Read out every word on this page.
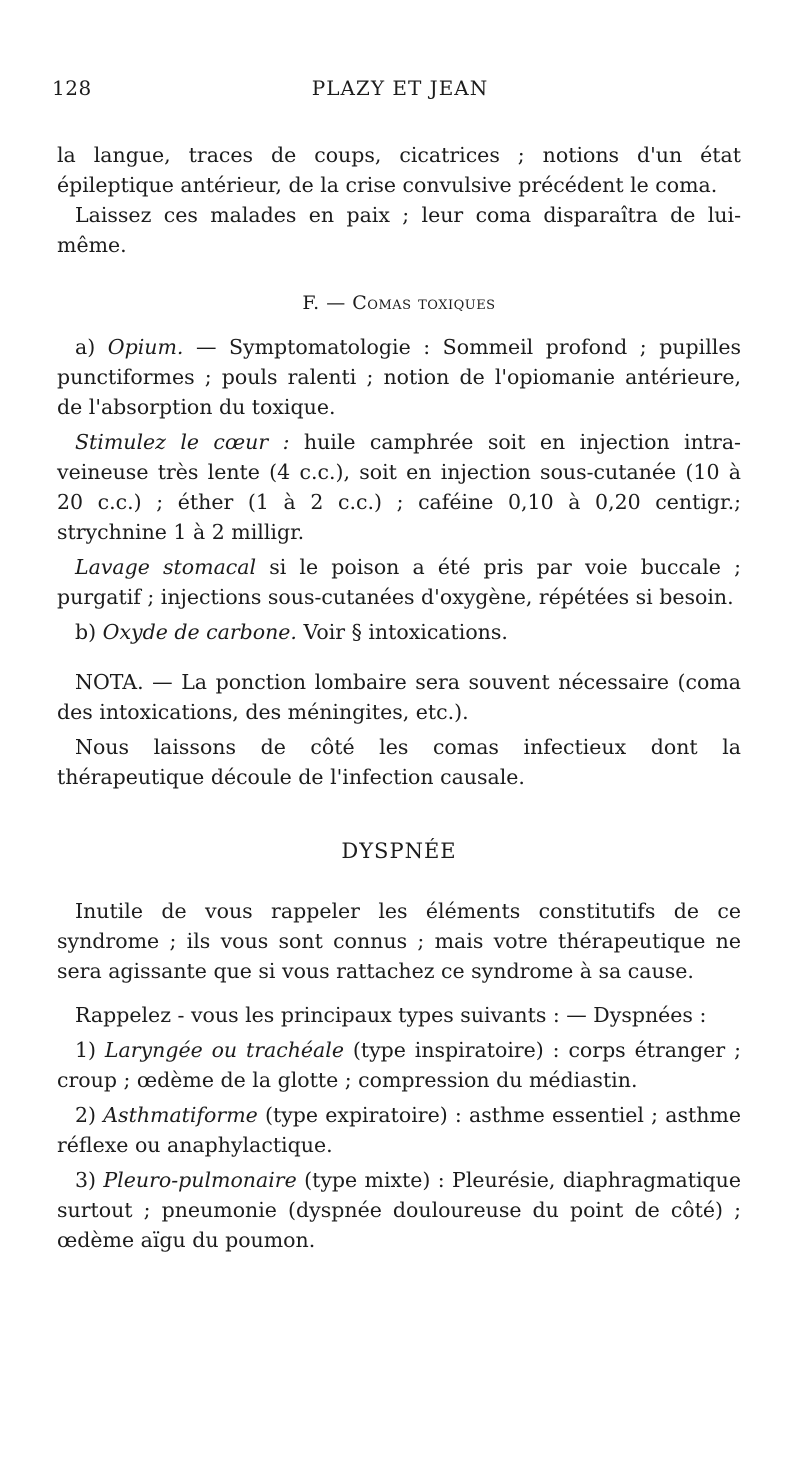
128	PLAZY ET JEAN

la langue, traces de coups, cicatrices ; notions d'un état épileptique antérieur, de la crise convulsive précédent le coma.

Laissez ces malades en paix ; leur coma disparaîtra de lui-même.

F. — Comas toxiques

a) Opium. — Symptomatologie : Sommeil profond ; pupilles punctiformes ; pouls ralenti ; notion de l'opiomanie antérieure, de l'absorption du toxique.

Stimulez le cœur : huile camphrée soit en injection intra-veineuse très lente (4 c.c.), soit en injection sous-cutanée (10 à 20 c.c.) ; éther (1 à 2 c.c.) ; caféine 0,10 à 0,20 centigr.; strychnine 1 à 2 milligr.

Lavage stomacal si le poison a été pris par voie buccale ; purgatif ; injections sous-cutanées d'oxygène, répétées si besoin.

b) Oxyde de carbone. Voir § intoxications.

NOTA. — La ponction lombaire sera souvent nécessaire (coma des intoxications, des méningites, etc.).

Nous laissons de côté les comas infectieux dont la thérapeutique découle de l'infection causale.

DYSPNÉE

Inutile de vous rappeler les éléments constitutifs de ce syndrome ; ils vous sont connus ; mais votre thérapeutique ne sera agissante que si vous rattachez ce syndrome à sa cause.

Rappelez - vous les principaux types suivants : — Dyspnées :

1) Laryngée ou trachéale (type inspiratoire) : corps étranger ; croup ; œdème de la glotte ; compression du médiastin.

2) Asthmatiforme (type expiratoire) : asthme essentiel ; asthme réflexe ou anaphylactique.

3) Pleuro-pulmonaire (type mixte) : Pleurésie, diaphragmatique surtout ; pneumonie (dyspnée douloureuse du point de côté) ; œdème aïgu du poumon.
